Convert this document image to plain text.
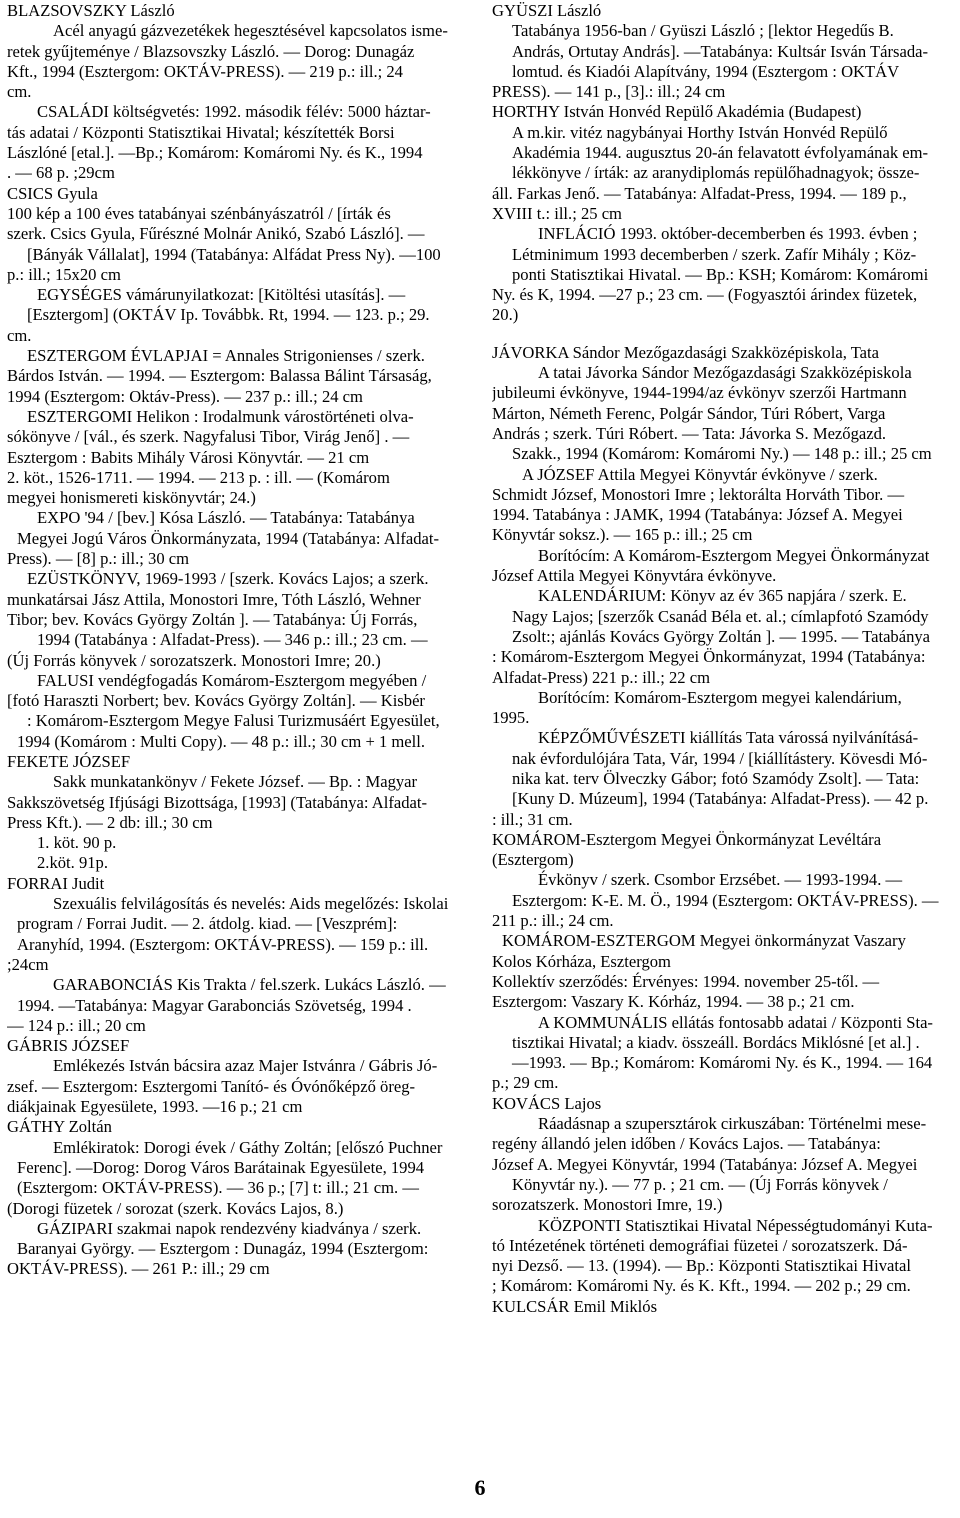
BLAZSOVSZKY László
Acél anyagú gázvezetékek hegesztésével kapcsolatos isme-
retek gyűjteménye / Blazsovszky László. — Dorog: Dunagáz
Kft., 1994 (Esztergom: OKTÁV-PRESS). — 219 p.: ill.; 24
cm.
CSALÁDI költségvetés: 1992. második félév: 5000 háztar-
tás adatai / Központi Statisztikai Hivatal; készítették Borsi
Lászlóné [etal.]. —Bp.; Komárom: Komáromi Ny. és K., 1994
. — 68 p. ;29cm
CSICS Gyula
100 kép a 100 éves tatabányai szénbányászatról / [írták és
szerk. Csics Gyula, Fűrészné Molnár Anikó, Szabó László]. —
[Bányák Vállalat], 1994 (Tatabánya: Alfádat Press Ny). —100
p.: ill.; 15x20 cm
EGYSÉGES vámárunyilatkozat: [Kitöltési utasítás]. —
[Esztergom] (OKTÁV Ip. Továbbk. Rt, 1994. — 123. p.; 29.
cm.
ESZTERGOM ÉVLAPJAI = Annales Strigonienses / szerk.
Bárdos István. — 1994. — Esztergom: Balassa Bálint Társaság,
1994 (Esztergom: Oktáv-Press). — 237 p.: ill.; 24 cm
ESZTERGOMI Helikon : Irodalmunk várostörténeti olva-
sókönyve / [vál., és szerk. Nagyfalusi Tibor, Virág Jenő] . —
Esztergom : Babits Mihály Városi Könyvtár. — 21 cm
2. köt., 1526-1711. — 1994. — 213 p. : ill. — (Komárom
megyei honismereti kiskönyvtár; 24.)
EXPO '94 / [bev.] Kósa László. — Tatabánya: Tatabánya
Megyei Jogú Város Önkormányzata, 1994 (Tatabánya: Alfadat-
Press). — [8] p.: ill.; 30 cm
EZÜSTKÖNYV, 1969-1993 / [szerk. Kovács Lajos; a szerk.
munkatársai Jász Attila, Monostori Imre, Tóth László, Wehner
Tibor; bev. Kovács György Zoltán ]. — Tatabánya: Új Forrás,
1994 (Tatabánya : Alfadat-Press). — 346 p.: ill.; 23 cm. —
(Új Forrás könyvek / sorozatszerk. Monostori Imre; 20.)
FALUSI vendégfogadás Komárom-Esztergom megyében /
[fotó Haraszti Norbert; bev. Kovács György Zoltán]. — Kisbér
: Komárom-Esztergom Megye Falusi Turizmusáért Egyesület,
1994 (Komárom : Multi Copy). — 48 p.: ill.; 30 cm + 1 mell.
FEKETE JÓZSEF
Sakk munkatankönyv / Fekete József. — Bp. : Magyar
Sakkszövetség Ifjúsági Bizottsága, [1993] (Tatabánya: Alfadat-
Press Kft.). — 2 db: ill.; 30 cm
1. köt. 90 p.
2.köt. 91p.
FORRAI Judit
Szexuális felvilágosítás és nevelés: Aids megelőzés: Iskolai
program / Forrai Judit. — 2. átdolg. kiad. — [Veszprém]:
Aranyhíd, 1994. (Esztergom: OKTÁV-PRESS). — 159 p.: ill.
;24cm
GARABONCIÁS Kis Trakta / fel.szerk. Lukács László. —
1994. —Tatabánya: Magyar Garabonciás Szövetség, 1994 .
— 124 p.: ill.; 20 cm
GÁBRIS JÓZSEF
Emlékezés István bácsira azaz Majer Istvánra / Gábris Jó-
zsef. — Esztergom: Esztergomi Tanító- és Óvónőképző öreg-
diákjainak Egyesülete, 1993. —16 p.; 21 cm
GÁTHY Zoltán
Emlékiratok: Dorogi évek / Gáthy Zoltán; [előszó Puchner
Ferenc]. —Dorog: Dorog Város Barátainak Egyesülete, 1994
(Esztergom: OKTÁV-PRESS). — 36 p.; [7] t: ill.; 21 cm. —
(Dorogi füzetek / sorozat (szerk. Kovács Lajos, 8.)
GÁZIPARI szakmai napok rendezvény kiadványa / szerk.
Baranyai György. — Esztergom : Dunagáz, 1994 (Esztergom:
OKTÁV-PRESS). — 261 P.: ill.; 29 cm
GYÜSZI László
Tatabánya 1956-ban / Gyüszi László ; [lektor Hegedűs B.
András, Ortutay András]. —Tatabánya: Kultsár Isván Társada-
lomtud. és Kiadói Alapítvány, 1994 (Esztergom : OKTÁV
PRESS). — 141 p., [3].: ill.; 24 cm
HORTHY István Honvéd Repülő Akadémia (Budapest)
A m.kir. vitéz nagybányai Horthy István Honvéd Repülő
Akadémia 1944. augusztus 20-án felavatott évfolyamának em-
lékkönyve / írták: az aranydiplomás repülőhadnagyok; össze-
áll. Farkas Jenő. — Tatabánya: Alfadat-Press, 1994. — 189 p.,
XVIII t.: ill.; 25 cm
INFLÁCIÓ 1993. október-decemberben és 1993. évben ;
Létminimum 1993 decemberben / szerk. Zafír Mihály ; Köz-
ponti Statisztikai Hivatal. — Bp.: KSH; Komárom: Komáromi
Ny. és K, 1994. —27 p.; 23 cm. — (Fogyasztói árindex füzetek,
20.)
JÁVORKA Sándor Mezőgazdasági Szakközépiskola, Tata
A tatai Jávorka Sándor Mezőgazdasági Szakközépiskola
jubileumi évkönyve, 1944-1994/az évkönyv szerzői Hartmann
Márton, Németh Ferenc, Polgár Sándor, Túri Róbert, Varga
András ; szerk. Túri Róbert. — Tata: Jávorka S. Mezőgazd.
Szakk., 1994 (Komárom: Komáromi Ny.) — 148 p.: ill.; 25 cm
A JÓZSEF Attila Megyei Könyvtár évkönyve / szerk.
Schmidt József, Monostori Imre ; lektorálta Horváth Tibor. —
1994. Tatabánya : JAMK, 1994 (Tatabánya: József A. Megyei
Könyvtár soksz.). — 165 p.: ill.; 25 cm
Borítócím: A Komárom-Esztergom Megyei Önkormányzat
József Attila Megyei Könyvtára évkönyve.
KALENDÁRIUM: Könyv az év 365 napjára / szerk. E.
Nagy Lajos; [szerzők Csanád Béla et. al.; címlapfotó Szamódy
Zsolt:; ajánlás Kovács György Zoltán ]. — 1995. — Tatabánya
: Komárom-Esztergom Megyei Önkormányzat, 1994 (Tatabánya:
Alfadat-Press) 221 p.: ill.; 22 cm
Borítócím: Komárom-Esztergom megyei kalendárium,
1995.
KÉPZŐMŰVÉSZETI kiállítás Tata várossá nyilvánításá-
nak évfordulójára Tata, Vár, 1994 / [kiállítástery. Kövesdi Mó-
nika kat. terv Ölveczky Gábor; fotó Szamódy Zsolt]. — Tata:
[Kuny D. Múzeum], 1994 (Tatabánya: Alfadat-Press). — 42 p.
: ill.; 31 cm.
KOMÁROM-Esztergom Megyei Önkormányzat Levéltára
(Esztergom)
Évkönyv / szerk. Csombor Erzsébet. — 1993-1994. —
Esztergom: K-E. M. Ö., 1994 (Esztergom: OKTÁV-PRESS). —
211 p.: ill.; 24 cm.
KOMÁROM-ESZTERGOM Megyei önkormányzat Vaszary
Kolos Kórháza, Esztergom
Kollektív szerződés: Érvényes: 1994. november 25-től. —
Esztergom: Vaszary K. Kórház, 1994. — 38 p.; 21 cm.
A KOMMUNÁLIS ellátás fontosabb adatai / Központi Sta-
tisztikai Hivatal; a kiadv. összeáll. Bordács Miklósné [et al.] .
—1993. — Bp.; Komárom: Komáromi Ny. és K., 1994. — 164
p.; 29 cm.
KOVÁCS Lajos
Ráadásnap a szupersztárok cirkuszában: Történelmi mese-
regény állandó jelen időben / Kovács Lajos. — Tatabánya:
József A. Megyei Könyvtár, 1994 (Tatabánya: József A. Megyei
Könyvtár ny.). — 77 p. ; 21 cm. — (Új Forrás könyvek /
sorozatszerk. Monostori Imre, 19.)
KÖZPONTI Statisztikai Hivatal Népességtudományi Kuta-
tó Intézetének történeti demográfiai füzetei / sorozatszerk. Dá-
nyi Dezső. — 13. (1994). — Bp.: Központi Statisztikai Hivatal
; Komárom: Komáromi Ny. és K. Kft., 1994. — 202 p.; 29 cm.
KULCSÁR Emil Miklós
6
